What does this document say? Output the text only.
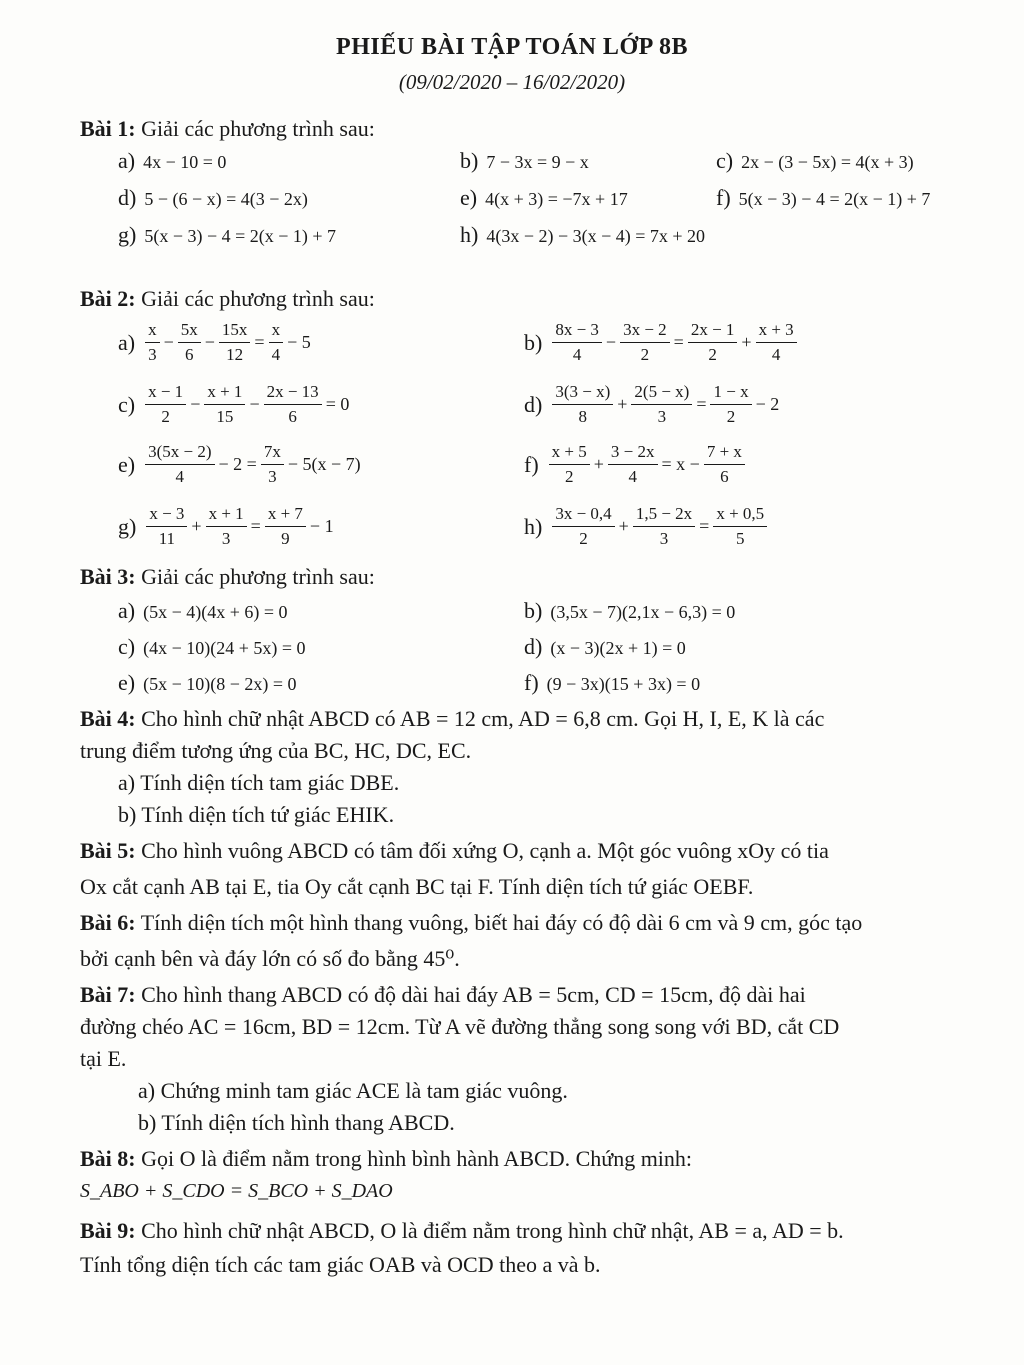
PHIẾU BÀI TẬP TOÁN LỚP 8B
(09/02/2020 – 16/02/2020)
Bài 1: Giải các phương trình sau:
a) 4x − 10 = 0	b) 7 − 3x = 9 − x	c) 2x − (3 − 5x) = 4(x + 3)
d) 5 − (6 − x) = 4(3 − 2x)	e) 4(x + 3) = −7x + 17	f) 5(x − 3) − 4 = 2(x − 1) + 7
g) 5(x − 3) − 4 = 2(x − 1) + 7	h) 4(3x − 2) − 3(x − 4) = 7x + 20
Bài 2: Giải các phương trình sau:
$a) \frac{x}{3} - \frac{5x}{6} - \frac{15x}{12} = \frac{x}{4} - 5$	$b) \frac{8x - 3}{4} - \frac{3x - 2}{2} = \frac{2x - 1}{2} + \frac{x + 3}{4}$
$c) \frac{x - 1}{2} - \frac{x + 1}{15} - \frac{2x - 13}{6} = 0$	$d) \frac{3(3 - x)}{8} + \frac{2(5 - x)}{3} = \frac{1 - x}{2} - 2$
$e) \frac{3(5x - 2)}{4} - 2 = \frac{7x}{3} - 5(x - 7)$	$f) \frac{x + 5}{2} + \frac{3 - 2x}{4} = x - \frac{7 + x}{6}$
$g) \frac{x - 3}{11} + \frac{x + 1}{3} = \frac{x + 7}{9} - 1$	$h) \frac{3x - 0,4}{2} + \frac{1,5 - 2x}{3} = \frac{x + 0,5}{5}$
Bài 3: Giải các phương trình sau:
a) (5x − 4)(4x + 6) = 0	b) (3,5x − 7)(2,1x − 6,3) = 0
c) (4x − 10)(24 + 5x) = 0	d) (x − 3)(2x + 1) = 0
e) (5x − 10)(8 − 2x) = 0	f) (9 − 3x)(15 + 3x) = 0
Bài 4: Cho hình chữ nhật ABCD có AB = 12 cm, AD = 6,8 cm. Gọi H, I, E, K là các
trung điểm tương ứng của BC, HC, DC, EC.
a) Tính diện tích tam giác DBE.
b) Tính diện tích tứ giác EHIK.
Bài 5: Cho hình vuông ABCD có tâm đối xứng O, cạnh a. Một góc vuông xOy có tia
Ox cắt cạnh AB tại E, tia Oy cắt cạnh BC tại F. Tính diện tích tứ giác OEBF.
Bài 6: Tính diện tích một hình thang vuông, biết hai đáy có độ dài 6 cm và 9 cm, góc tạo
bởi cạnh bên và đáy lớn có số đo bằng 45⁰.
Bài 7: Cho hình thang ABCD có độ dài hai đáy AB = 5cm, CD = 15cm, độ dài hai
đường chéo AC = 16cm, BD = 12cm. Từ A vẽ đường thẳng song song với BD, cắt CD
tại E.
a) Chứng minh tam giác ACE là tam giác vuông.
b) Tính diện tích hình thang ABCD.
Bài 8: Gọi O là điểm nằm trong hình bình hành ABCD. Chứng minh:
S_ABO + S_CDO = S_BCO + S_DAO
Bài 9: Cho hình chữ nhật ABCD, O là điểm nằm trong hình chữ nhật, AB = a, AD = b.
Tính tổng diện tích các tam giác OAB và OCD theo a và b.
